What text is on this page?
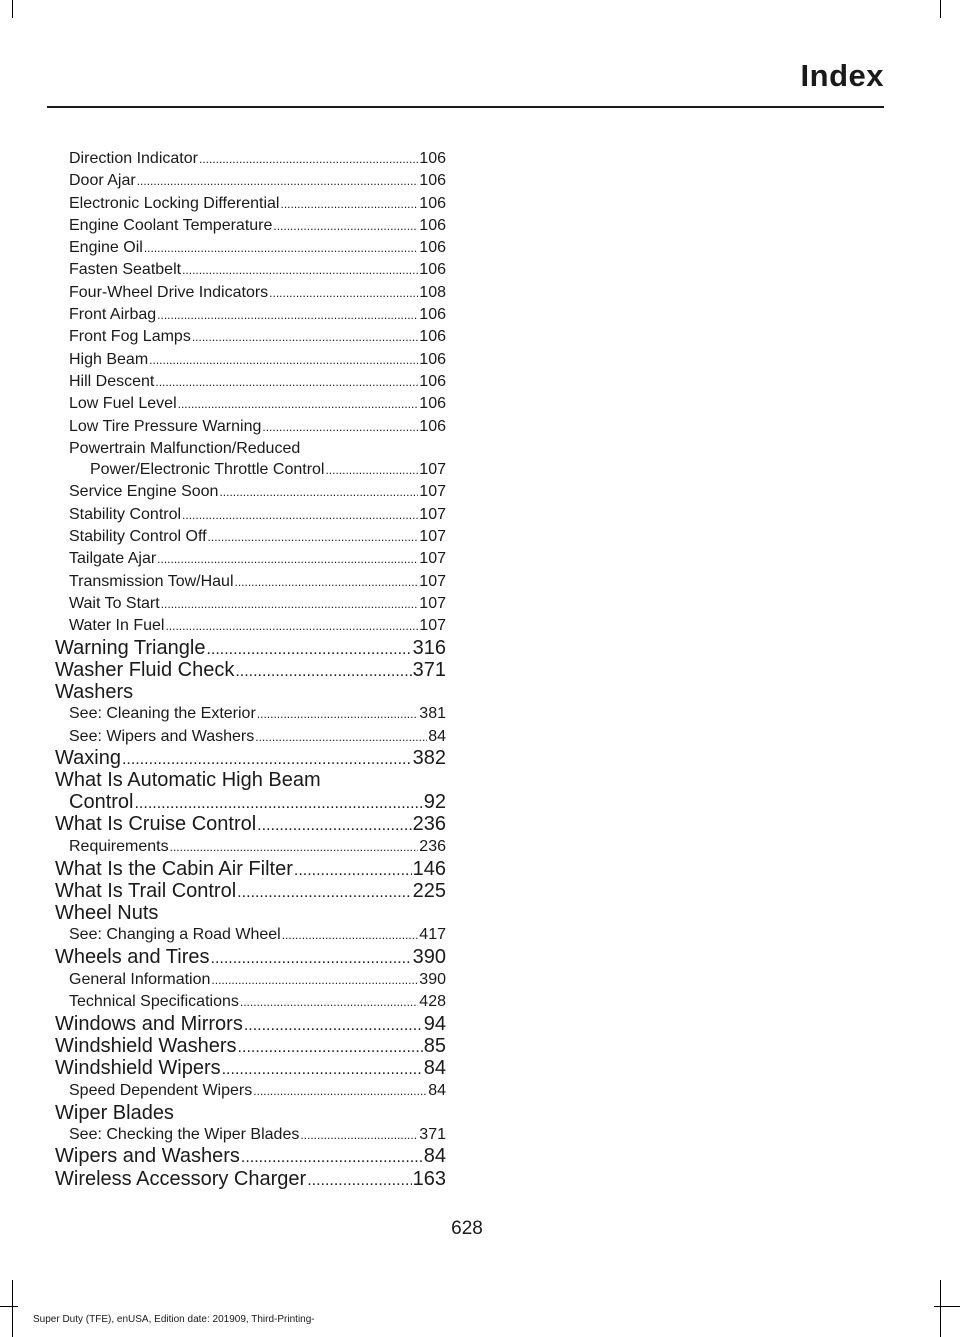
Index
Direction Indicator .....	106
Door Ajar .....	106
Electronic Locking Differential .....	106
Engine Coolant Temperature .....	106
Engine Oil .....	106
Fasten Seatbelt .....	106
Four-Wheel Drive Indicators .....	108
Front Airbag .....	106
Front Fog Lamps .....	106
High Beam .....	106
Hill Descent .....	106
Low Fuel Level .....	106
Low Tire Pressure Warning .....	106
Powertrain Malfunction/Reduced
Power/Electronic Throttle Control .....	107
Service Engine Soon .....	107
Stability Control .....	107
Stability Control Off .....	107
Tailgate Ajar .....	107
Transmission Tow/Haul .....	107
Wait To Start .....	107
Water In Fuel .....	107
Warning Triangle .....	316
Washer Fluid Check .....	371
Washers
See: Cleaning the Exterior .....	381
See: Wipers and Washers .....	84
Waxing .....	382
What Is Automatic High Beam
Control .....	92
What Is Cruise Control .....	236
Requirements .....	236
What Is the Cabin Air Filter .....	146
What Is Trail Control .....	225
Wheel Nuts
See: Changing a Road Wheel .....	417
Wheels and Tires .....	390
General Information .....	390
Technical Specifications .....	428
Windows and Mirrors .....	94
Windshield Washers .....	85
Windshield Wipers .....	84
Speed Dependent Wipers .....	84
Wiper Blades
See: Checking the Wiper Blades .....	371
Wipers and Washers .....	84
Wireless Accessory Charger .....	163
628
Super Duty (TFE), enUSA, Edition date: 201909, Third-Printing-
